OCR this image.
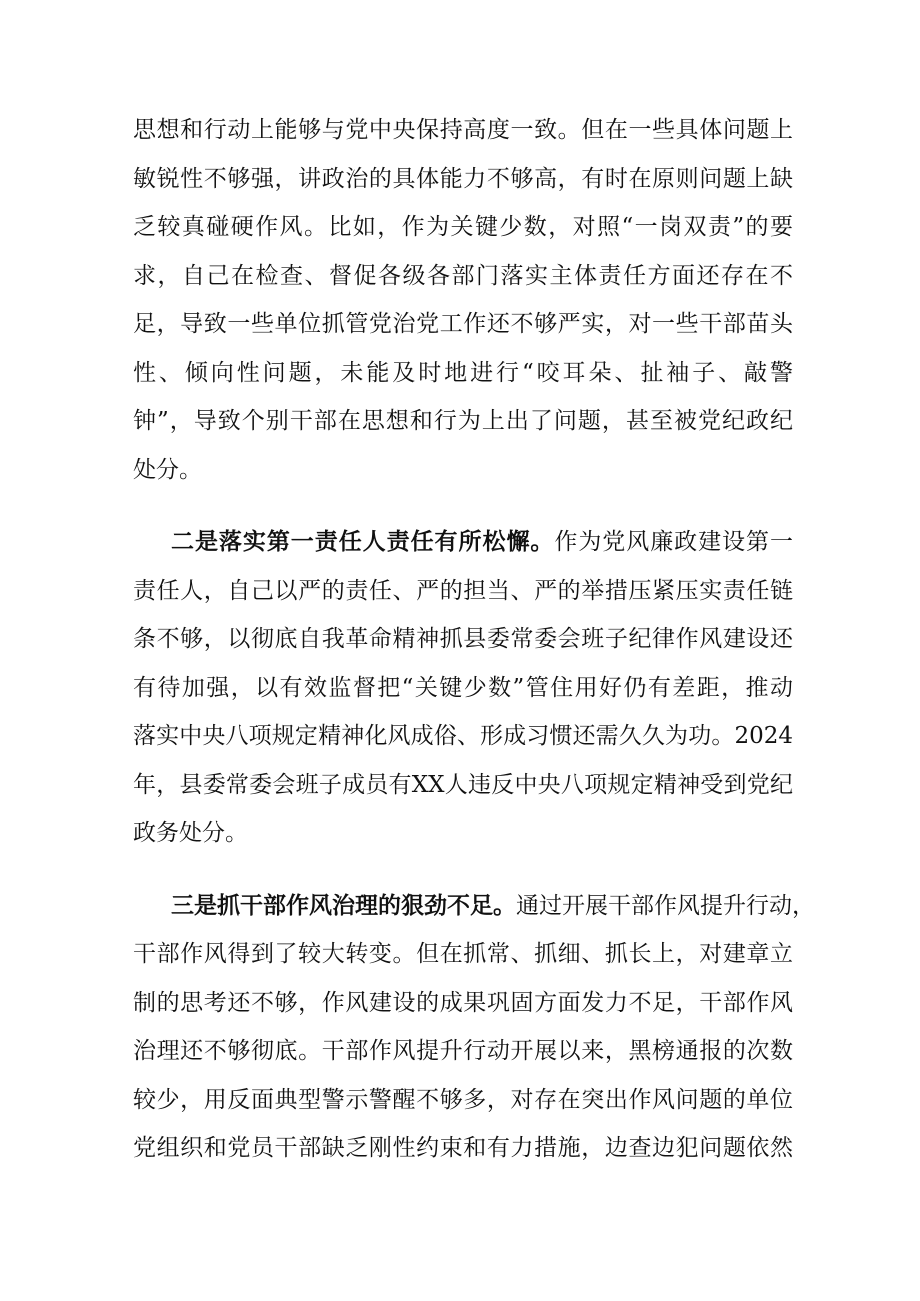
思想和行动上能够与党中央保持高度一致。但在一些具体问题上
敏锐性不够强，讲政治的具体能力不够高，有时在原则问题上缺
乏较真碰硬作风。比如，作为关键少数，对照“一岗双责”的要
求，自己在检查、督促各级各部门落实主体责任方面还存在不
足，导致一些单位抓管党治党工作还不够严实，对一些干部苗头
性、倾向性问题，未能及时地进行“咬耳朵、扯袖子、敲警
钟”，导致个别干部在思想和行为上出了问题，甚至被党纪政纪
处分。
二是落实第一责任人责任有所松懈。作为党风廉政建设第一
责任人，自己以严的责任、严的担当、严的举措压紧压实责任链
条不够，以彻底自我革命精神抓县委常委会班子纪律作风建设还
有待加强，以有效监督把“关键少数”管住用好仍有差距，推动
落实中央八项规定精神化风成俗、形成习惯还需久久为功。2024
年，县委常委会班子成员有XX人违反中央八项规定精神受到党纪
政务处分。
三是抓干部作风治理的狠劲不足。通过开展干部作风提升行动，
干部作风得到了较大转变。但在抓常、抓细、抓长上，对建章立
制的思考还不够，作风建设的成果巩固方面发力不足，干部作风
治理还不够彻底。干部作风提升行动开展以来，黑榜通报的次数
较少，用反面典型警示警醒不够多，对存在突出作风问题的单位
党组织和党员干部缺乏刚性约束和有力措施，边查边犯问题依然
